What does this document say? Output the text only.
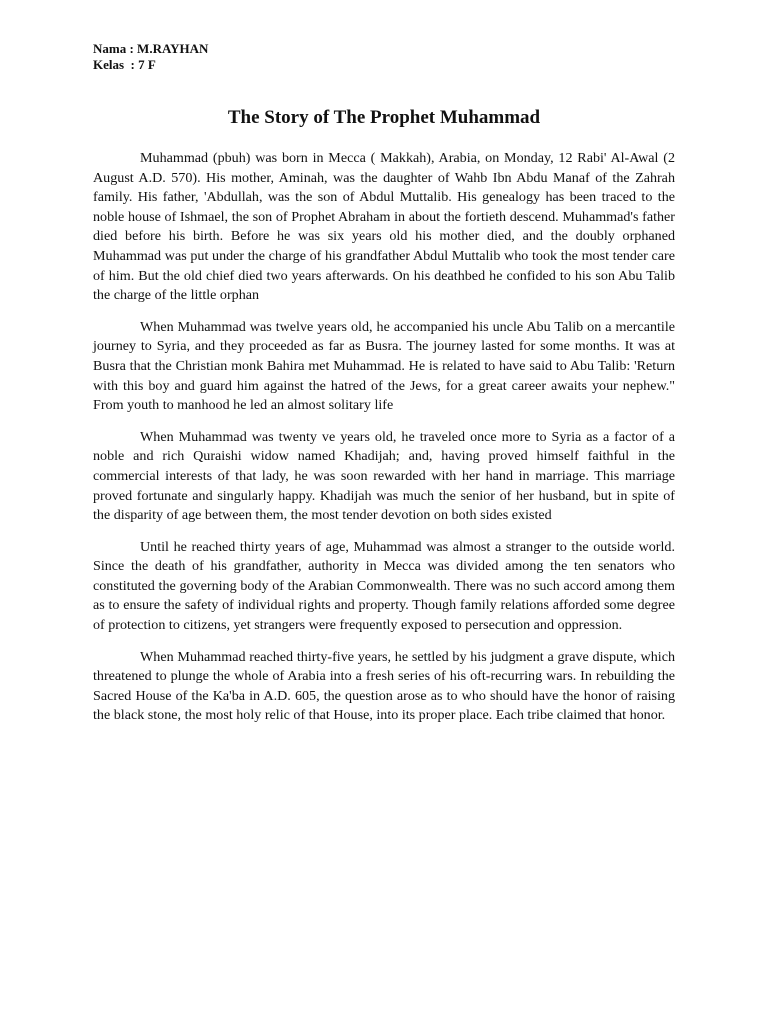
Nama : M.RAYHAN
Kelas  : 7 F
The Story of The Prophet Muhammad

Muhammad (pbuh) was born in Mecca ( Makkah), Arabia, on Monday, 12 Rabi' Al-Awal (2 August A.D. 570). His mother, Aminah, was the daughter of Wahb Ibn Abdu Manaf of the Zahrah family. His father, 'Abdullah, was the son of Abdul Muttalib. His genealogy has been traced to the noble house of Ishmael, the son of Prophet Abraham in about the fortieth descend. Muhammad's father died before his birth. Before he was six years old his mother died, and the doubly orphaned Muhammad was put under the charge of his grandfather Abdul Muttalib who took the most tender care of him. But the old chief died two years afterwards. On his deathbed he confided to his son Abu Talib the charge of the little orphan

When Muhammad was twelve years old, he accompanied his uncle Abu Talib on a mercantile journey to Syria, and they proceeded as far as Busra. The journey lasted for some months. It was at Busra that the Christian monk Bahira met Muhammad. He is related to have said to Abu Talib: 'Return with this boy and guard him against the hatred of the Jews, for a great career awaits your nephew." From youth to manhood he led an almost solitary life

When Muhammad was twenty ve years old, he traveled once more to Syria as a factor of a noble and rich Quraishi widow named Khadijah; and, having proved himself faithful in the commercial interests of that lady, he was soon rewarded with her hand in marriage. This marriage proved fortunate and singularly happy. Khadijah was much the senior of her husband, but in spite of the disparity of age between them, the most tender devotion on both sides existed

Until he reached thirty years of age, Muhammad was almost a stranger to the outside world. Since the death of his grandfather, authority in Mecca was divided among the ten senators who constituted the governing body of the Arabian Commonwealth. There was no such accord among them as to ensure the safety of individual rights and property. Though family relations afforded some degree of protection to citizens, yet strangers were frequently exposed to persecution and oppression.

When Muhammad reached thirty-five years, he settled by his judgment a grave dispute, which threatened to plunge the whole of Arabia into a fresh series of his oft-recurring wars. In rebuilding the Sacred House of the Ka'ba in A.D. 605, the question arose as to who should have the honor of raising the black stone, the most holy relic of that House, into its proper place. Each tribe claimed that honor.
